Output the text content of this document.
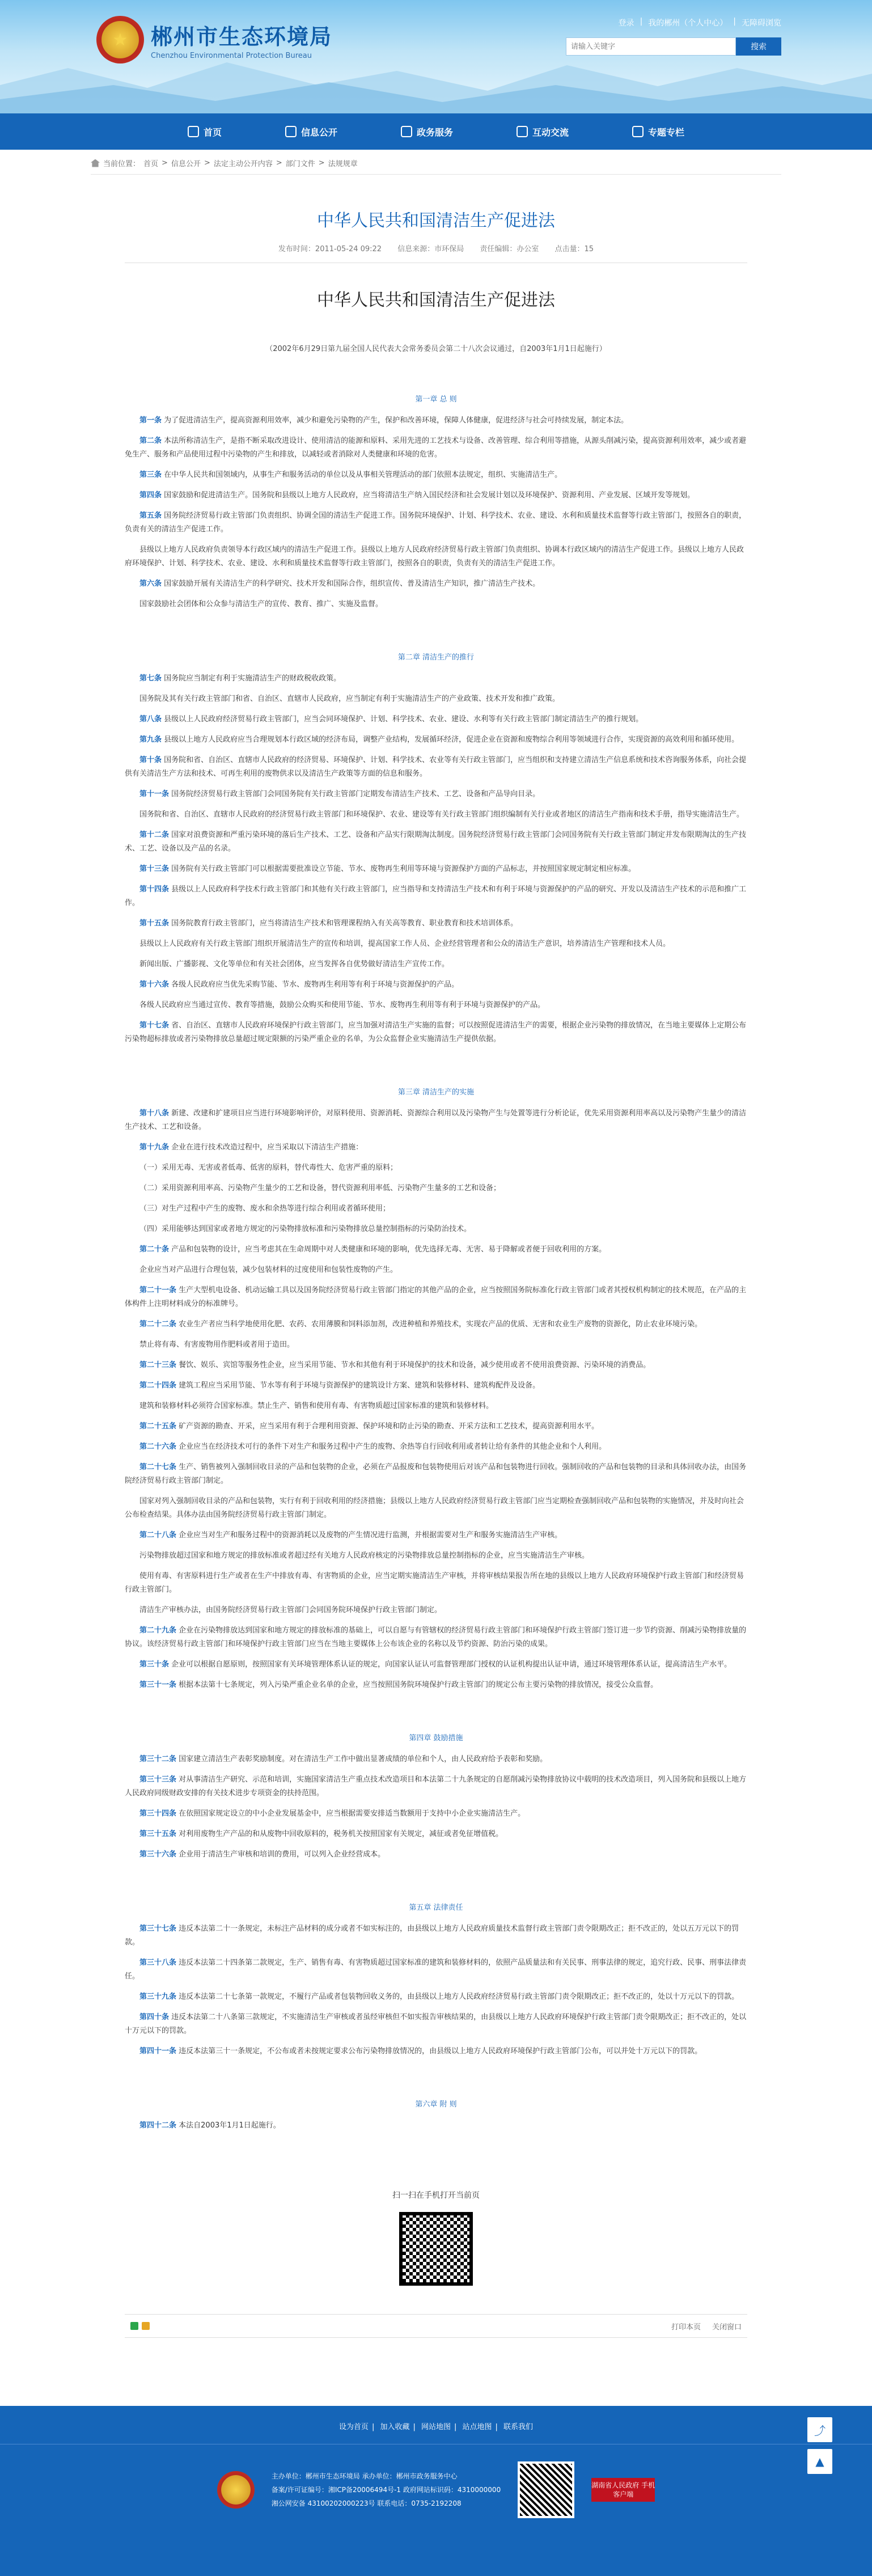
★	郴州市生态环境局
Chenzhou Environmental Protection Bureau
登录 | 我的郴州（个人中心） | 无障碍浏览
请输入关键字
搜索
首页	信息公开	政务服务	互动交流	专题专栏
当前位置： 首页 > 信息公开 > 法定主动公开内容 > 部门文件 > 法规规章
中华人民共和国清洁生产促进法
发布时间：2011-05-24 09:22 信息来源：市环保局 责任编辑：办公室 点击量：15
中华人民共和国清洁生产促进法
（2002年6月29日第九届全国人民代表大会常务委员会第二十八次会议通过，自2003年1月1日起施行）
第一章 总 则

第一条 为了促进清洁生产，提高资源利用效率，减少和避免污染物的产生，保护和改善环境，保障人体健康，促进经济与社会可持续发展，制定本法。

第二条 本法所称清洁生产，是指不断采取改进设计、使用清洁的能源和原料、采用先进的工艺技术与设备、改善管理、综合利用等措施，从源头削减污染，提高资源利用效率，减少或者避免生产、服务和产品使用过程中污染物的产生和排放，以减轻或者消除对人类健康和环境的危害。

第三条 在中华人民共和国领域内，从事生产和服务活动的单位以及从事相关管理活动的部门依照本法规定，组织、实施清洁生产。

第四条 国家鼓励和促进清洁生产。国务院和县级以上地方人民政府，应当将清洁生产纳入国民经济和社会发展计划以及环境保护、资源利用、产业发展、区域开发等规划。

第五条 国务院经济贸易行政主管部门负责组织、协调全国的清洁生产促进工作。国务院环境保护、计划、科学技术、农业、建设、水利和质量技术监督等行政主管部门，按照各自的职责，负责有关的清洁生产促进工作。

县级以上地方人民政府负责领导本行政区域内的清洁生产促进工作。县级以上地方人民政府经济贸易行政主管部门负责组织、协调本行政区域内的清洁生产促进工作。县级以上地方人民政府环境保护、计划、科学技术、农业、建设、水利和质量技术监督等行政主管部门，按照各自的职责，负责有关的清洁生产促进工作。

第六条 国家鼓励开展有关清洁生产的科学研究、技术开发和国际合作，组织宣传、普及清洁生产知识，推广清洁生产技术。

国家鼓励社会团体和公众参与清洁生产的宣传、教育、推广、实施及监督。

第二章 清洁生产的推行

第七条 国务院应当制定有利于实施清洁生产的财政税收政策。

国务院及其有关行政主管部门和省、自治区、直辖市人民政府，应当制定有利于实施清洁生产的产业政策、技术开发和推广政策。

第八条 县级以上人民政府经济贸易行政主管部门，应当会同环境保护、计划、科学技术、农业、建设、水利等有关行政主管部门制定清洁生产的推行规划。

第九条 县级以上地方人民政府应当合理规划本行政区域的经济布局，调整产业结构，发展循环经济，促进企业在资源和废物综合利用等领域进行合作，实现资源的高效利用和循环使用。

第十条 国务院和省、自治区、直辖市人民政府的经济贸易、环境保护、计划、科学技术、农业等有关行政主管部门，应当组织和支持建立清洁生产信息系统和技术咨询服务体系，向社会提供有关清洁生产方法和技术、可再生利用的废物供求以及清洁生产政策等方面的信息和服务。

第十一条 国务院经济贸易行政主管部门会同国务院有关行政主管部门定期发布清洁生产技术、工艺、设备和产品导向目录。

国务院和省、自治区、直辖市人民政府的经济贸易行政主管部门和环境保护、农业、建设等有关行政主管部门组织编制有关行业或者地区的清洁生产指南和技术手册，指导实施清洁生产。

第十二条 国家对浪费资源和严重污染环境的落后生产技术、工艺、设备和产品实行限期淘汰制度。国务院经济贸易行政主管部门会同国务院有关行政主管部门制定并发布限期淘汰的生产技术、工艺、设备以及产品的名录。

第十三条 国务院有关行政主管部门可以根据需要批准设立节能、节水、废物再生利用等环境与资源保护方面的产品标志，并按照国家规定制定相应标准。

第十四条 县级以上人民政府科学技术行政主管部门和其他有关行政主管部门，应当指导和支持清洁生产技术和有利于环境与资源保护的产品的研究、开发以及清洁生产技术的示范和推广工作。

第十五条 国务院教育行政主管部门，应当将清洁生产技术和管理课程纳入有关高等教育、职业教育和技术培训体系。

县级以上人民政府有关行政主管部门组织开展清洁生产的宣传和培训，提高国家工作人员、企业经营管理者和公众的清洁生产意识，培养清洁生产管理和技术人员。

新闻出版、广播影视、文化等单位和有关社会团体，应当发挥各自优势做好清洁生产宣传工作。

第十六条 各级人民政府应当优先采购节能、节水、废物再生利用等有利于环境与资源保护的产品。

各级人民政府应当通过宣传、教育等措施，鼓励公众购买和使用节能、节水、废物再生利用等有利于环境与资源保护的产品。

第十七条 省、自治区、直辖市人民政府环境保护行政主管部门，应当加强对清洁生产实施的监督；可以按照促进清洁生产的需要，根据企业污染物的排放情况，在当地主要媒体上定期公布污染物超标排放或者污染物排放总量超过规定限额的污染严重企业的名单，为公众监督企业实施清洁生产提供依据。

第三章 清洁生产的实施

第十八条 新建、改建和扩建项目应当进行环境影响评价，对原料使用、资源消耗、资源综合利用以及污染物产生与处置等进行分析论证，优先采用资源利用率高以及污染物产生量少的清洁生产技术、工艺和设备。

第十九条 企业在进行技术改造过程中，应当采取以下清洁生产措施：

（一）采用无毒、无害或者低毒、低害的原料，替代毒性大、危害严重的原料；

（二）采用资源利用率高、污染物产生量少的工艺和设备，替代资源利用率低、污染物产生量多的工艺和设备；

（三）对生产过程中产生的废物、废水和余热等进行综合利用或者循环使用；

（四）采用能够达到国家或者地方规定的污染物排放标准和污染物排放总量控制指标的污染防治技术。

第二十条 产品和包装物的设计，应当考虑其在生命周期中对人类健康和环境的影响，优先选择无毒、无害、易于降解或者便于回收利用的方案。

企业应当对产品进行合理包装，减少包装材料的过度使用和包装性废物的产生。

第二十一条 生产大型机电设备、机动运输工具以及国务院经济贸易行政主管部门指定的其他产品的企业，应当按照国务院标准化行政主管部门或者其授权机构制定的技术规范，在产品的主体构件上注明材料成分的标准牌号。

第二十二条 农业生产者应当科学地使用化肥、农药、农用薄膜和饲料添加剂，改进种植和养殖技术，实现农产品的优质、无害和农业生产废物的资源化，防止农业环境污染。

禁止将有毒、有害废物用作肥料或者用于造田。

第二十三条 餐饮、娱乐、宾馆等服务性企业，应当采用节能、节水和其他有利于环境保护的技术和设备，减少使用或者不使用浪费资源、污染环境的消费品。

第二十四条 建筑工程应当采用节能、节水等有利于环境与资源保护的建筑设计方案、建筑和装修材料、建筑构配件及设备。

建筑和装修材料必须符合国家标准。禁止生产、销售和使用有毒、有害物质超过国家标准的建筑和装修材料。

第二十五条 矿产资源的勘查、开采，应当采用有利于合理利用资源、保护环境和防止污染的勘查、开采方法和工艺技术，提高资源利用水平。

第二十六条 企业应当在经济技术可行的条件下对生产和服务过程中产生的废物、余热等自行回收利用或者转让给有条件的其他企业和个人利用。

第二十七条 生产、销售被列入强制回收目录的产品和包装物的企业，必须在产品报废和包装物使用后对该产品和包装物进行回收。强制回收的产品和包装物的目录和具体回收办法，由国务院经济贸易行政主管部门制定。

国家对列入强制回收目录的产品和包装物，实行有利于回收利用的经济措施；县级以上地方人民政府经济贸易行政主管部门应当定期检查强制回收产品和包装物的实施情况，并及时向社会公布检查结果。具体办法由国务院经济贸易行政主管部门制定。

第二十八条 企业应当对生产和服务过程中的资源消耗以及废物的产生情况进行监测，并根据需要对生产和服务实施清洁生产审核。

污染物排放超过国家和地方规定的排放标准或者超过经有关地方人民政府核定的污染物排放总量控制指标的企业，应当实施清洁生产审核。

使用有毒、有害原料进行生产或者在生产中排放有毒、有害物质的企业，应当定期实施清洁生产审核，并将审核结果报告所在地的县级以上地方人民政府环境保护行政主管部门和经济贸易行政主管部门。

清洁生产审核办法，由国务院经济贸易行政主管部门会同国务院环境保护行政主管部门制定。

第二十九条 企业在污染物排放达到国家和地方规定的排放标准的基础上，可以自愿与有管辖权的经济贸易行政主管部门和环境保护行政主管部门签订进一步节约资源、削减污染物排放量的协议。该经济贸易行政主管部门和环境保护行政主管部门应当在当地主要媒体上公布该企业的名称以及节约资源、防治污染的成果。

第三十条 企业可以根据自愿原则，按照国家有关环境管理体系认证的规定，向国家认证认可监督管理部门授权的认证机构提出认证申请，通过环境管理体系认证，提高清洁生产水平。

第三十一条 根据本法第十七条规定，列入污染严重企业名单的企业，应当按照国务院环境保护行政主管部门的规定公布主要污染物的排放情况，接受公众监督。

第四章 鼓励措施

第三十二条 国家建立清洁生产表彰奖励制度。对在清洁生产工作中做出显著成绩的单位和个人，由人民政府给予表彰和奖励。

第三十三条 对从事清洁生产研究、示范和培训，实施国家清洁生产重点技术改造项目和本法第二十九条规定的自愿削减污染物排放协议中载明的技术改造项目，列入国务院和县级以上地方人民政府同级财政安排的有关技术进步专项资金的扶持范围。

第三十四条 在依照国家规定设立的中小企业发展基金中，应当根据需要安排适当数额用于支持中小企业实施清洁生产。

第三十五条 对利用废物生产产品的和从废物中回收原料的，税务机关按照国家有关规定，减征或者免征增值税。

第三十六条 企业用于清洁生产审核和培训的费用，可以列入企业经营成本。

第五章 法律责任

第三十七条 违反本法第二十一条规定，未标注产品材料的成分或者不如实标注的，由县级以上地方人民政府质量技术监督行政主管部门责令限期改正；拒不改正的，处以五万元以下的罚款。

第三十八条 违反本法第二十四条第二款规定，生产、销售有毒、有害物质超过国家标准的建筑和装修材料的，依照产品质量法和有关民事、刑事法律的规定，追究行政、民事、刑事法律责任。

第三十九条 违反本法第二十七条第一款规定，不履行产品或者包装物回收义务的，由县级以上地方人民政府经济贸易行政主管部门责令限期改正；拒不改正的，处以十万元以下的罚款。

第四十条 违反本法第二十八条第三款规定，不实施清洁生产审核或者虽经审核但不如实报告审核结果的，由县级以上地方人民政府环境保护行政主管部门责令限期改正；拒不改正的，处以十万元以下的罚款。

第四十一条 违反本法第三十一条规定，不公布或者未按规定要求公布污染物排放情况的，由县级以上地方人民政府环境保护行政主管部门公布，可以并处十万元以下的罚款。

第六章 附 则

第四十二条 本法自2003年1月1日起施行。

扫一扫在手机打开当前页
打印本页 关闭窗口
设为首页 | 加入收藏 | 网站地图 | 站点地图 | 联系我们
主办单位：郴州市生态环境局 承办单位：郴州市政务服务中心
备案/许可证编号：湘ICP备20006494号-1 政府网站标识码：4310000000
湘公网安备 43100202000223号 联系电话：0735-2192208
湖南省人民政府 手机客户端
⤴
▲
